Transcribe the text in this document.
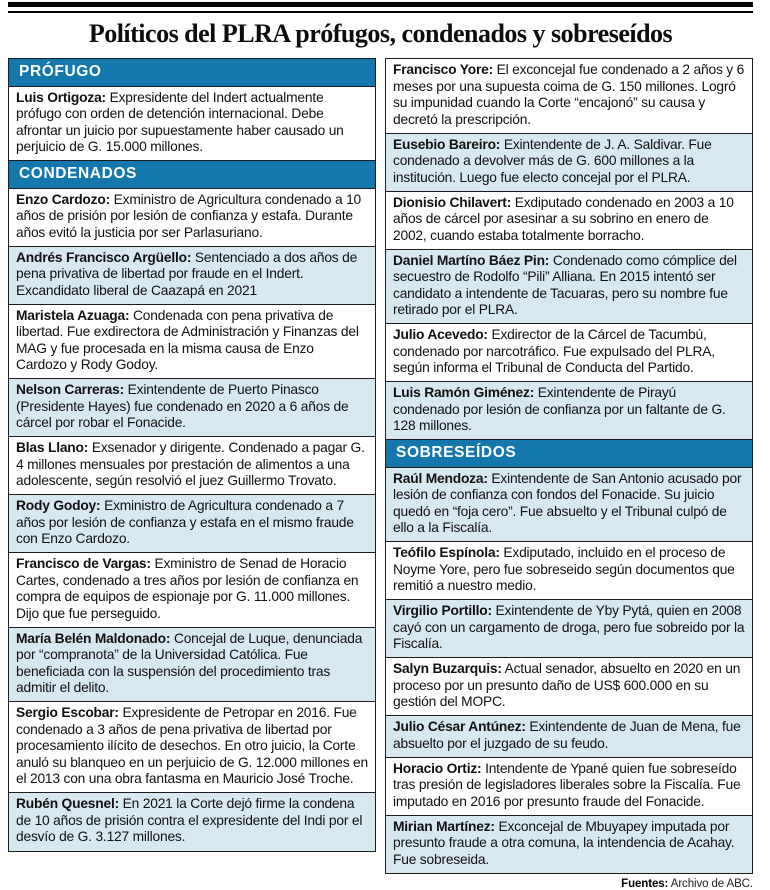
Políticos del PLRA prófugos, condenados y sobreseídos
PRÓFUGO
Luis Ortigoza: Expresidente del Indert actualmente prófugo con orden de detención internacional. Debe afrontar un juicio por supuestamente haber causado un perjuicio de G. 15.000 millones.
CONDENADOS
Enzo Cardozo: Exministro de Agricultura condenado a 10 años de prisión por lesión de confianza y estafa. Durante años evitó la justicia por ser Parlasuriano.
Andrés Francisco Argüello: Sentenciado a dos años de pena privativa de libertad por fraude en el Indert. Excandidato liberal de Caazapá en 2021
Maristela Azuaga: Condenada con pena privativa de libertad. Fue exdirectora de Administración y Finanzas del MAG y fue procesada en la misma causa de Enzo Cardozo y Rody Godoy.
Nelson Carreras: Exintendente de Puerto Pinasco (Presidente Hayes) fue condenado en 2020 a 6 años de cárcel por robar el Fonacide.
Blas Llano: Exsenador y dirigente. Condenado a pagar G. 4 millones mensuales por prestación de alimentos a una adolescente, según resolvió el juez Guillermo Trovato.
Rody Godoy: Exministro de Agricultura condenado a 7 años por lesión de confianza y estafa en el mismo fraude con Enzo Cardozo.
Francisco de Vargas: Exministro de Senad de Horacio Cartes, condenado a tres años por lesión de confianza en compra de equipos de espionaje por G. 11.000 millones. Dijo que fue perseguido.
María Belén Maldonado: Concejal de Luque, denunciada por “compranota” de la Universidad Católica. Fue beneficiada con la suspensión del procedimiento tras admitir el delito.
Sergio Escobar: Expresidente de Petropar en 2016. Fue condenado a 3 años de pena privativa de libertad por procesamiento ilícito de desechos. En otro juicio, la Corte anuló su blanqueo en un perjuicio de G. 12.000 millones en el 2013 con una obra fantasma en Mauricio José Troche.
Rubén Quesnel: En 2021 la Corte dejó firme la condena de 10 años de prisión contra el expresidente del Indi por el desvío de G. 3.127 millones.
Francisco Yore: El exconcejal fue condenado a 2 años y 6 meses por una supuesta coima de G. 150 millones. Logró su impunidad cuando la Corte “encajonó” su causa y decretó la prescripción.
Eusebio Bareiro: Exintendente de J. A. Saldivar. Fue condenado a devolver más de G. 600 millones a la institución. Luego fue electo concejal por el PLRA.
Dionisio Chilavert: Exdiputado condenado en 2003 a 10 años de cárcel por asesinar a su sobrino en enero de 2002, cuando estaba totalmente borracho.
Daniel Martíno Báez Pin: Condenado como cómplice del secuestro de Rodolfo “Pili” Alliana. En 2015 intentó ser candidato a intendente de Tacuaras, pero su nombre fue retirado por el PLRA.
Julio Acevedo: Exdirector de la Cárcel de Tacumbú, condenado por narcotráfico. Fue expulsado del PLRA, según informa el Tribunal de Conducta del Partido.
Luis Ramón Giménez: Exintendente de Pirayú condenado por lesión de confianza por un faltante de G. 128 millones.
SOBRESEÍDOS
Raúl Mendoza: Exintendente de San Antonio acusado por lesión de confianza con fondos del Fonacide. Su juicio quedó en “foja cero”. Fue absuelto y el Tribunal culpó de ello a la Fiscalía.
Teófilo Espínola: Exdiputado, incluido en el proceso de Noyme Yore, pero fue sobreseido según documentos que remitió a nuestro medio.
Virgilio Portillo: Exintendente de Yby Pytá, quien en 2008 cayó con un cargamento de droga, pero fue sobreido por la Fiscalía.
Salyn Buzarquis: Actual senador, absuelto en 2020 en un proceso por un presunto daño de US$ 600.000 en su gestión del MOPC.
Julio César Antúnez: Exintendente de Juan de Mena, fue absuelto por el juzgado de su feudo.
Horacio Ortiz: Intendente de Ypané quien fue sobreseído tras presión de legisladores liberales sobre la Fiscalía. Fue imputado en 2016 por presunto fraude del Fonacide.
Mirian Martínez: Exconcejal de Mbuyapey imputada por presunto fraude a otra comuna, la intendencia de Acahay. Fue sobreseida.
Fuentes: Archivo de ABC.
